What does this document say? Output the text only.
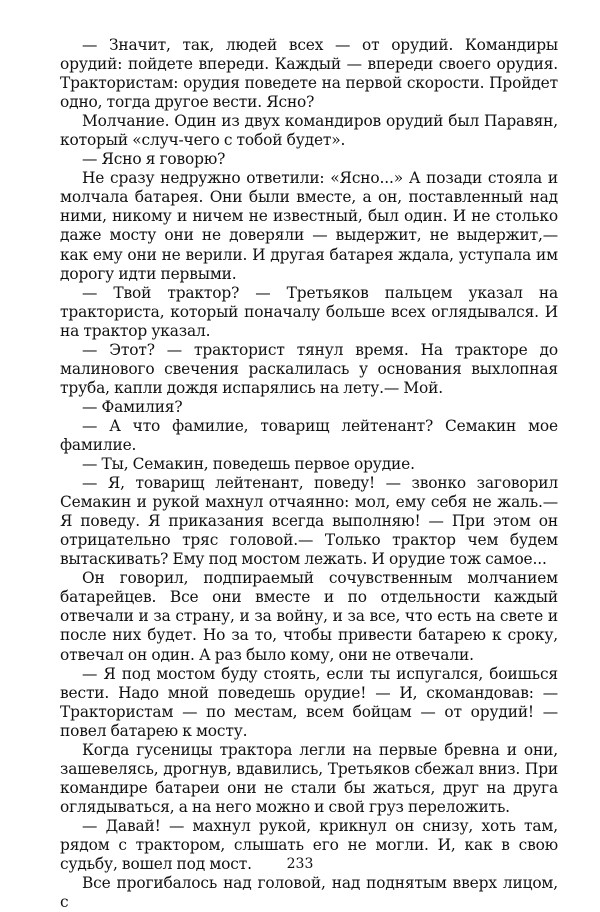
— Значит, так, людей всех — от орудий. Командиры орудий: пойдете впереди. Каждый — впереди своего орудия. Трактористам: орудия поведете на первой скорости. Пройдет одно, тогда другое вести. Ясно?

Молчание. Один из двух командиров орудий был Паравян, который «случ-чего с тобой будет».

— Ясно я говорю?

Не сразу недружно ответили: «Ясно...» А позади стояла и молчала батарея. Они были вместе, а он, поставленный над ними, никому и ничем не известный, был один. И не столько даже мосту они не доверяли — выдержит, не выдержит,— как ему они не верили. И другая батарея ждала, уступала им дорогу идти первыми.

— Твой трактор? — Третьяков пальцем указал на тракториста, который поначалу больше всех оглядывался. И на трактор указал.

— Этот? — тракторист тянул время. На тракторе до малинового свечения раскалилась у основания выхлопная труба, капли дождя испарялись на лету.— Мой.

— Фамилия?

— А что фамилие, товарищ лейтенант? Семакин мое фамилие.

— Ты, Семакин, поведешь первое орудие.

— Я, товарищ лейтенант, поведу! — звонко заговорил Семакин и рукой махнул отчаянно: мол, ему себя не жаль.— Я поведу. Я приказания всегда выполняю! — При этом он отрицательно тряс головой.— Только трактор чем будем вытаскивать? Ему под мостом лежать. И орудие тож самое...

Он говорил, подпираемый сочувственным молчанием батарейцев. Все они вместе и по отдельности каждый отвечали и за страну, и за войну, и за все, что есть на свете и после них будет. Но за то, чтобы привести батарею к сроку, отвечал он один. А раз было кому, они не отвечали.

— Я под мостом буду стоять, если ты испугался, боишься вести. Надо мной поведешь орудие! — И, скомандовав: — Трактористам — по местам, всем бойцам — от орудий! — повел батарею к мосту.

Когда гусеницы трактора легли на первые бревна и они, зашевелясь, дрогнув, вдавились, Третьяков сбежал вниз. При командире батареи они не стали бы жаться, друг на друга оглядываться, а на него можно и свой груз переложить.

— Давай! — махнул рукой, крикнул он снизу, хоть там, рядом с трактором, слышать его не могли. И, как в свою судьбу, вошел под мост.

Все прогибалось над головой, над поднятым вверх лицом, с

233
